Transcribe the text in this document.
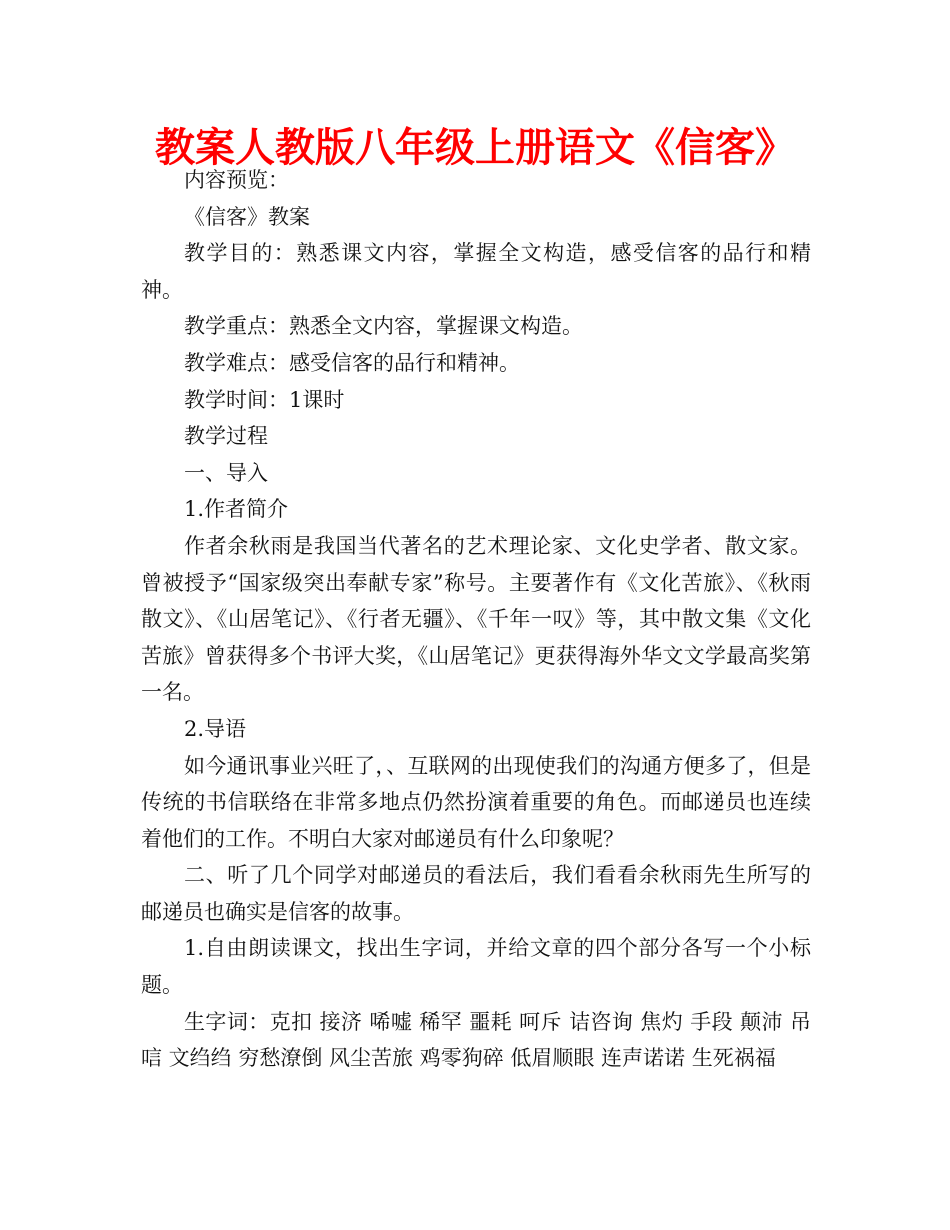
教案人教版八年级上册语文《信客》

内容预览：

《信客》教案

教学目的：熟悉课文内容，掌握全文构造，感受信客的品行和精神。

教学重点：熟悉全文内容，掌握课文构造。

教学难点：感受信客的品行和精神。

教学时间：1课时

教学过程

一、导入

1.作者简介

作者余秋雨是我国当代著名的艺术理论家、文化史学者、散文家。曾被授予“国家级突出奉献专家”称号。主要著作有《文化苦旅》、《秋雨散文》、《山居笔记》、《行者无疆》、《千年一叹》等，其中散文集《文化苦旅》曾获得多个书评大奖，《山居笔记》更获得海外华文文学最高奖第一名。

2.导语

如今通讯事业兴旺了，、互联网的出现使我们的沟通方便多了，但是传统的书信联络在非常多地点仍然扮演着重要的角色。而邮递员也连续着他们的工作。不明白大家对邮递员有什么印象呢？

二、听了几个同学对邮递员的看法后，我们看看余秋雨先生所写的邮递员也确实是信客的故事。

1.自由朗读课文，找出生字词，并给文章的四个部分各写一个小标题。

生字词：克扣 接济 唏嘘 稀罕 噩耗 呵斥 诘咨询 焦灼 手段 颠沛 吊唁 文绉绉 穷愁潦倒 风尘苦旅 鸡零狗碎 低眉顺眼 连声诺诺 生死祸福
